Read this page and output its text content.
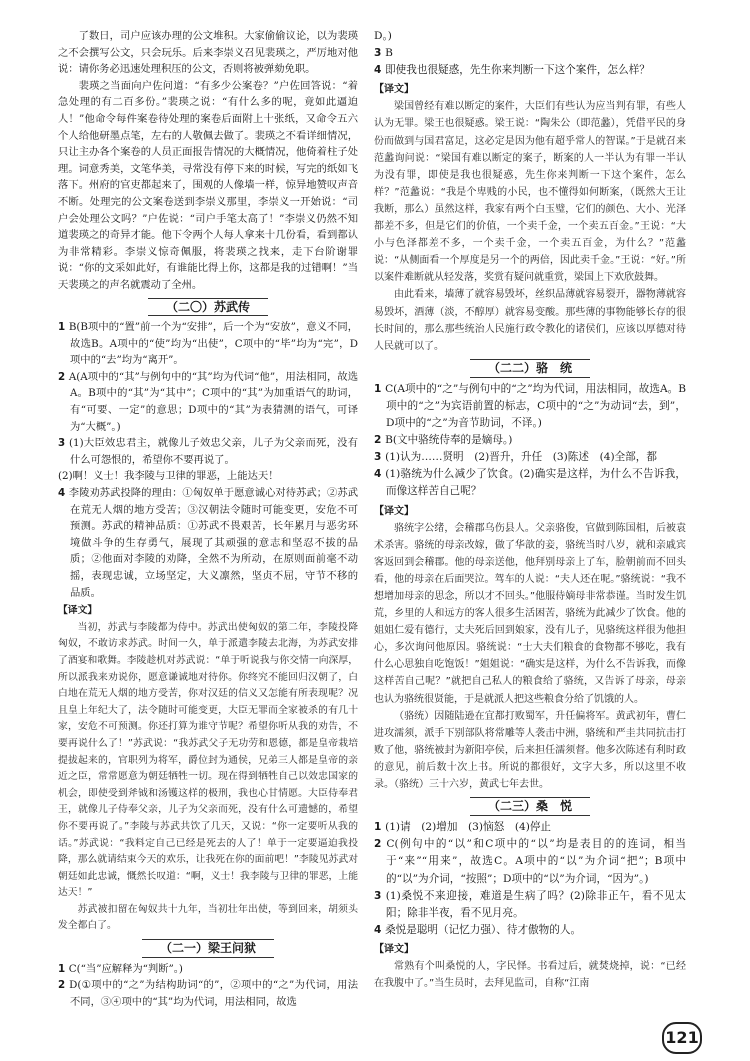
了数日，司户应该办理的公文堆积。大家偷偷议论，以为裴瑛之不会撰写公文，只会玩乐。后来李崇义召见裴瑛之，严厉地对他说：请你务必迅速处理积压的公文，否则将被弹劾免职。

裴瑛之当面向户佐问道：“有多少公案卷？”户佐回答说：“着急处理的有二百多份。”裴瑛之说：“有什么多的呢，竟如此逼迫人！”他命令每件案卷待处理的案卷后面附上十张纸，又命令五六个人给他研墨点笔，左右的人敬佩去做了。裴瑛之不看详细情况，只让主办各个案卷的人员正面报告情况的大概情况，他倚着柱子处理。词意秀美，文笔华美，寻常没有停下来的时候，写完的纸如飞落下。州府的官吏都起来了，围观的人像墙一样，惊异地赞叹声音不断。处理完的公文案卷送到李崇义那里，李崇义一开始说：“司户会处理公文吗？”户佐说：“司户手笔太高了！”李崇义仍然不知道裴瑛之的奇异才能。他下令两个人每人拿来十几份看，看到都认为非常精彩。李崇义惊奇佩服，将裴瑛之找来，走下台阶谢罪说：“你的文采如此好，有谁能比得上你，这都是我的过错啊！”当天裴瑛之的声名就震动了全州。

（二〇）苏武传

1 B(B项中的“置”前一个为“安排”，后一个为“安放”，意义不同，故选B。A项中的“使”均为“出使”，C项中的“毕”均为“完”，D项中的“去”均为“离开”。

2 A(A项中的“其”与例句中的“其”均为代词“他”，用法相同，故选A。B项中的“其”为“其中”；C项中的“其”为加重语气的助词，有“可要、一定”的意思；D项中的“其”为表猜测的语气，可译为“大概”。)

3 (1)大臣效忠君主，就像儿子效忠父亲，儿子为父亲而死，没有什么可怨恨的，希望你不要再说了。

(2)啊！义士！我李陵与卫律的罪恶，上能达天！

4 李陵劝苏武投降的理由：①匈奴单于愿意诚心对待苏武；②苏武在荒无人烟的地方受苦；③汉朝法令随时可能变更，安危不可预测。苏武的精神品质：①苏武不畏艰苦，长年累月与恶劣环境做斗争的生存勇气，展现了其顽强的意志和坚忍不拔的品质；②他面对李陵的劝降，全然不为所动，在原则面前毫不动摇，表现忠诚，立场坚定，大义凛然，坚贞不屈，守节不移的品质。

【译文】

当初，苏武与李陵都为侍中。苏武出使匈奴的第二年，李陵投降匈奴，不敢访求苏武。时间一久，单于派遣李陵去北海，为苏武安排了酒宴和歌舞。李陵趁机对苏武说：“单于听说我与你交情一向深厚，所以派我来劝说你，愿意谦诚地对待你。你终究不能回归汉朝了，白白地在荒无人烟的地方受苦，你对汉廷的信义又怎能有所表现呢？况且皇上年纪大了，法令随时可能变更，大臣无罪而全家被杀的有几十家，安危不可预测。你还打算为谁守节呢？希望你听从我的劝告，不要再说什么了！”苏武说：“我苏武父子无功劳和恩德，都是皇帝栽培提拔起来的，官职列为将军，爵位封为通侯，兄弟三人都是皇帝的亲近之臣，常常愿意为朝廷牺牲一切。现在得到牺牲自己以效忠国家的机会，即使受到斧钺和汤镬这样的极刑，我也心甘情愿。大臣侍奉君王，就像儿子侍奉父亲，儿子为父亲而死，没有什么可遗憾的，希望你不要再说了。”李陵与苏武共饮了几天，又说：“你一定要听从我的话。”苏武说：“我料定自己已经是死去的人了！单于一定要逼迫我投降，那么就请结束今天的欢乐，让我死在你的面前吧！”李陵见苏武对朝廷如此忠诚，慨然长叹道：“啊，义士！我李陵与卫律的罪恶，上能达天！”

苏武被扣留在匈奴共十九年，当初壮年出使，等到回来，胡须头发全都白了。

（二一）梁王问狱

1 C(“当”应解释为“判断”。)

2 D(①项中的“之”为结构助词“的”，②项中的“之”为代词，用法不同，③④项中的“其”均为代词，用法相同，故选

D。)

3 B

4 即使我也很疑惑，先生你来判断一下这个案件，怎么样？

【译文】

梁国曾经有难以断定的案件，大臣们有些认为应当判有罪，有些人认为无罪。梁王也很疑惑。梁王说：“陶朱公（即范蠡），凭借平民的身份而做到与国君富足，这必定是因为他有超乎常人的智谋。”于是就召来范蠡询问说：“梁国有难以断定的案子，断案的人一半认为有罪一半认为没有罪，即使是我也很疑惑，先生你来判断一下这个案件，怎么样？”范蠡说：“我是个卑贱的小民，也不懂得如何断案，（既然大王让我断，那么）虽然这样，我家有两个白玉璧，它们的颜色、大小、光泽都差不多，但是它们的价值，一个卖千金，一个卖五百金。”王说：“大小与色泽都差不多，一个卖千金，一个卖五百金，为什么？”范蠡说：“从侧面看一个厚度是另一个的两倍，因此卖千金。”王说：“好。”所以案件难断就从轻发落，奖赏有疑问就重赏，梁国上下欢欣鼓舞。

由此看来，墙薄了就容易毁坏，丝织品薄就容易裂开，器物薄就容易毁坏，酒薄（淡，不醇厚）就容易变酸。那些薄的事物能够长存的很长时间的，那么那些统治人民施行政令教化的诸侯们，应该以厚德对待人民就可以了。

（二二）骆　统

1 C(A项中的“之”与例句中的“之”均为代词，用法相同，故选A。B项中的“之”为宾语前置的标志，C项中的“之”为动词“去，到”，D项中的“之”为音节助词，不译。)

2 B(文中骆统侍奉的是嫡母。)

3 (1)认为……贤明　(2)晋升，升任　(3)陈述　(4)全部，都

4 (1)骆统为什么减少了饮食。(2)确实是这样，为什么不告诉我，而像这样苦自己呢？

【译文】

骆统字公绪，会稽郡乌伤县人。父亲骆俊，官做到陈国相，后被袁术杀害。骆统的母亲改嫁，做了华歆的妾，骆统当时八岁，就和亲戚宾客返回到会稽郡。他的母亲送他，他拜别母亲上了车，脸朝前而不回头看，他的母亲在后面哭泣。驾车的人说：“夫人还在呢。”骆统说：“我不想增加母亲的思念，所以才不回头。”他服侍嫡母非常恭谨。当时发生饥荒，乡里的人和远方的客人很多生活困苦，骆统为此减少了饮食。他的姐姐仁爱有德行，丈夫死后回到娘家，没有儿子，见骆统这样很为他担心，多次询问他原因。骆统说：“士大夫们粮食的食物都不够吃，我有什么心思独自吃饱饭！”姐姐说：“确实是这样，为什么不告诉我，而像这样苦自己呢？”就把自己私人的粮食给了骆统，又告诉了母亲，母亲也认为骆统很贤能，于是就派人把这些粮食分给了饥饿的人。

（骆统）因随陆逊在宜都打败蜀军，升任偏将军。黄武初年，曹仁进攻濡须，派手下别部队将常雕等人袭击中洲，骆统和严圭共同抗击打败了他，骆统被封为新阳亭侯，后来担任濡须督。他多次陈述有利时政的意见，前后数十次上书。所说的都很好，文字大多，所以这里不收录。（骆统）三十六岁，黄武七年去世。

（二三）桑　悦

1 (1)请　(2)增加　(3)恼怒　(4)停止

2 C(例句中的“以”和C项中的“以”均是表目的的连词，相当于“来”“用来”，故选C。A项中的“以”为介词“把”；B项中的“以”为介词，“按照”；D项中的“以”为介词，“因为”。)

3 (1)桑悦不来迎接，难道是生病了吗？(2)除非正午，看不见太阳；除非半夜，看不见月亮。

4 桑悦是聪明（记忆力强）、待才傲物的人。

【译文】

常熟有个叫桑悦的人，字民怿。书看过后，就焚烧掉，说：“已经在我腹中了。”当生员时，去拜见监司，自称“江南

121
